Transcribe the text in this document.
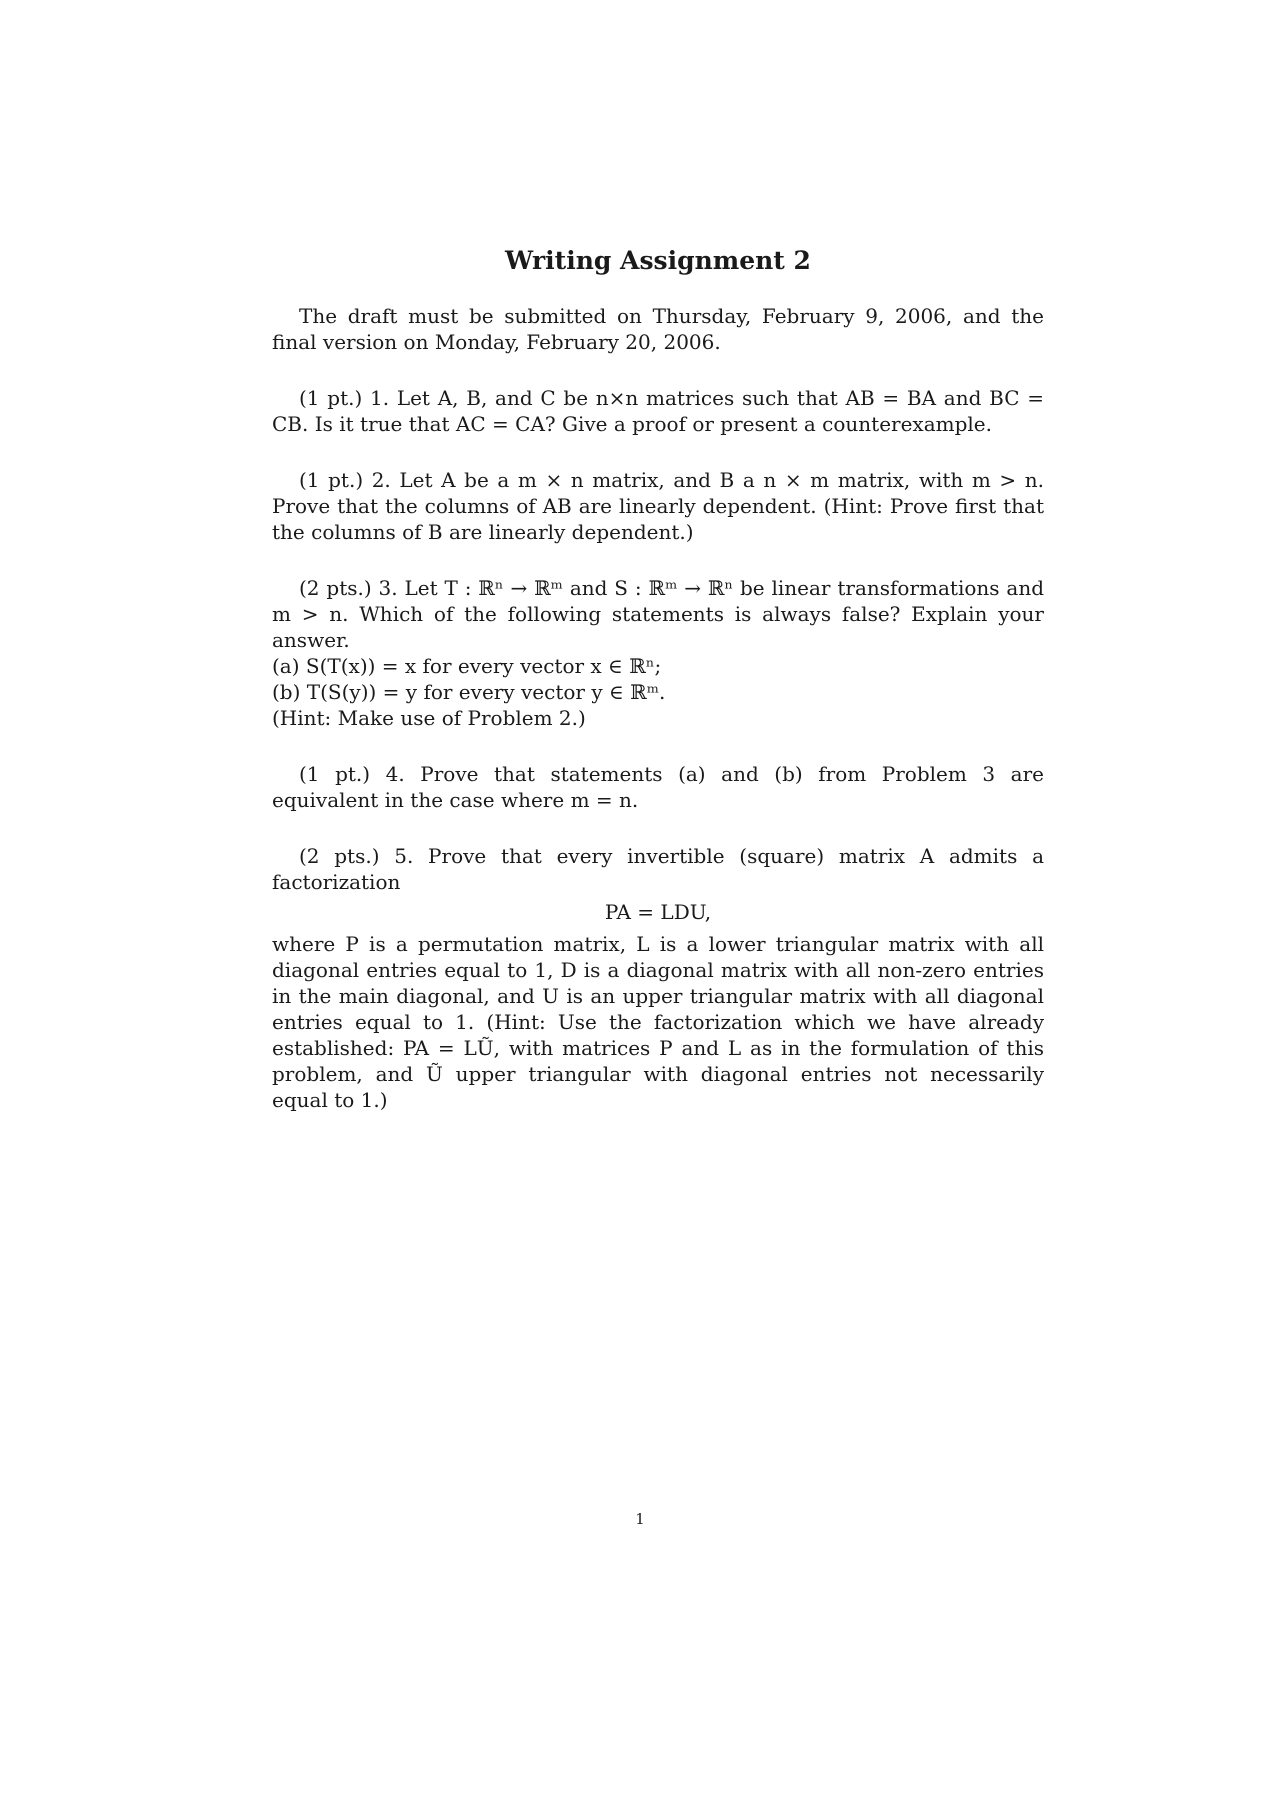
Writing Assignment 2

The draft must be submitted on Thursday, February 9, 2006, and the final version on Monday, February 20, 2006.

(1 pt.) 1. Let A, B, and C be n×n matrices such that AB = BA and BC = CB. Is it true that AC = CA? Give a proof or present a counterexample.

(1 pt.) 2. Let A be a m × n matrix, and B a n × m matrix, with m > n. Prove that the columns of AB are linearly dependent. (Hint: Prove first that the columns of B are linearly dependent.)

(2 pts.) 3. Let T : ℝⁿ → ℝᵐ and S : ℝᵐ → ℝⁿ be linear transformations and m > n. Which of the following statements is always false? Explain your answer.
(a) S(T(x)) = x for every vector x ∈ ℝⁿ;
(b) T(S(y)) = y for every vector y ∈ ℝᵐ.
(Hint: Make use of Problem 2.)

(1 pt.) 4. Prove that statements (a) and (b) from Problem 3 are equivalent in the case where m = n.

(2 pts.) 5. Prove that every invertible (square) matrix A admits a factorization
PA = LDU,
where P is a permutation matrix, L is a lower triangular matrix with all diagonal entries equal to 1, D is a diagonal matrix with all non-zero entries in the main diagonal, and U is an upper triangular matrix with all diagonal entries equal to 1. (Hint: Use the factorization which we have already established: PA = LŨ, with matrices P and L as in the formulation of this problem, and Ũ upper triangular with diagonal entries not necessarily equal to 1.)
1
